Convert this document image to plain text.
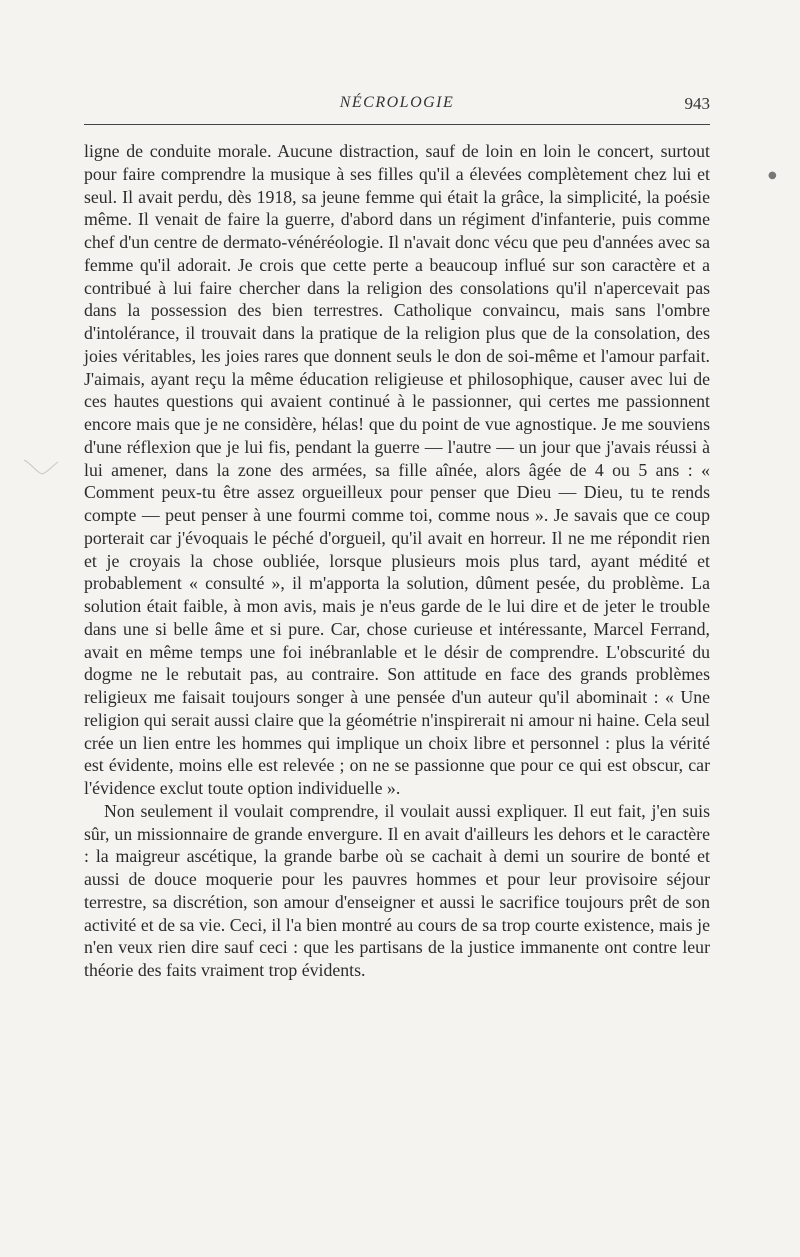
NÉCROLOGIE	943
●

ligne de conduite morale. Aucune distraction, sauf de loin en loin le concert, surtout pour faire comprendre la musique à ses filles qu'il a élevées complètement chez lui et seul. Il avait perdu, dès 1918, sa jeune femme qui était la grâce, la simplicité, la poésie même. Il venait de faire la guerre, d'abord dans un régiment d'infanterie, puis comme chef d'un centre de dermato-vénéréologie. Il n'avait donc vécu que peu d'années avec sa femme qu'il adorait. Je crois que cette perte a beaucoup influé sur son caractère et a contribué à lui faire chercher dans la religion des consolations qu'il n'apercevait pas dans la possession des bien terrestres. Catholique convaincu, mais sans l'ombre d'intolérance, il trouvait dans la pratique de la religion plus que de la consolation, des joies véritables, les joies rares que donnent seuls le don de soi-même et l'amour parfait. J'aimais, ayant reçu la même éducation religieuse et philosophique, causer avec lui de ces hautes questions qui avaient continué à le passionner, qui certes me passionnent encore mais que je ne considère, hélas! que du point de vue agnostique. Je me souviens d'une réflexion que je lui fis, pendant la guerre — l'autre — un jour que j'avais réussi à lui amener, dans la zone des armées, sa fille aînée, alors âgée de 4 ou 5 ans : « Comment peux-tu être assez orgueilleux pour penser que Dieu — Dieu, tu te rends compte — peut penser à une fourmi comme toi, comme nous ». Je savais que ce coup porterait car j'évoquais le péché d'orgueil, qu'il avait en horreur. Il ne me répondit rien et je croyais la chose oubliée, lorsque plusieurs mois plus tard, ayant médité et probablement « consulté », il m'apporta la solution, dûment pesée, du problème. La solution était faible, à mon avis, mais je n'eus garde de le lui dire et de jeter le trouble dans une si belle âme et si pure. Car, chose curieuse et intéressante, Marcel Ferrand, avait en même temps une foi inébranlable et le désir de comprendre. L'obscurité du dogme ne le rebutait pas, au contraire. Son attitude en face des grands problèmes religieux me faisait toujours songer à une pensée d'un auteur qu'il abominait : « Une religion qui serait aussi claire que la géométrie n'inspirerait ni amour ni haine. Cela seul crée un lien entre les hommes qui implique un choix libre et personnel : plus la vérité est évidente, moins elle est relevée ; on ne se passionne que pour ce qui est obscur, car l'évidence exclut toute option individuelle ».

Non seulement il voulait comprendre, il voulait aussi expliquer. Il eut fait, j'en suis sûr, un missionnaire de grande envergure. Il en avait d'ailleurs les dehors et le caractère : la maigreur ascétique, la grande barbe où se cachait à demi un sourire de bonté et aussi de douce moquerie pour les pauvres hommes et pour leur provisoire séjour terrestre, sa discrétion, son amour d'enseigner et aussi le sacrifice toujours prêt de son activité et de sa vie. Ceci, il l'a bien montré au cours de sa trop courte existence, mais je n'en veux rien dire sauf ceci : que les partisans de la justice immanente ont contre leur théorie des faits vraiment trop évidents.
